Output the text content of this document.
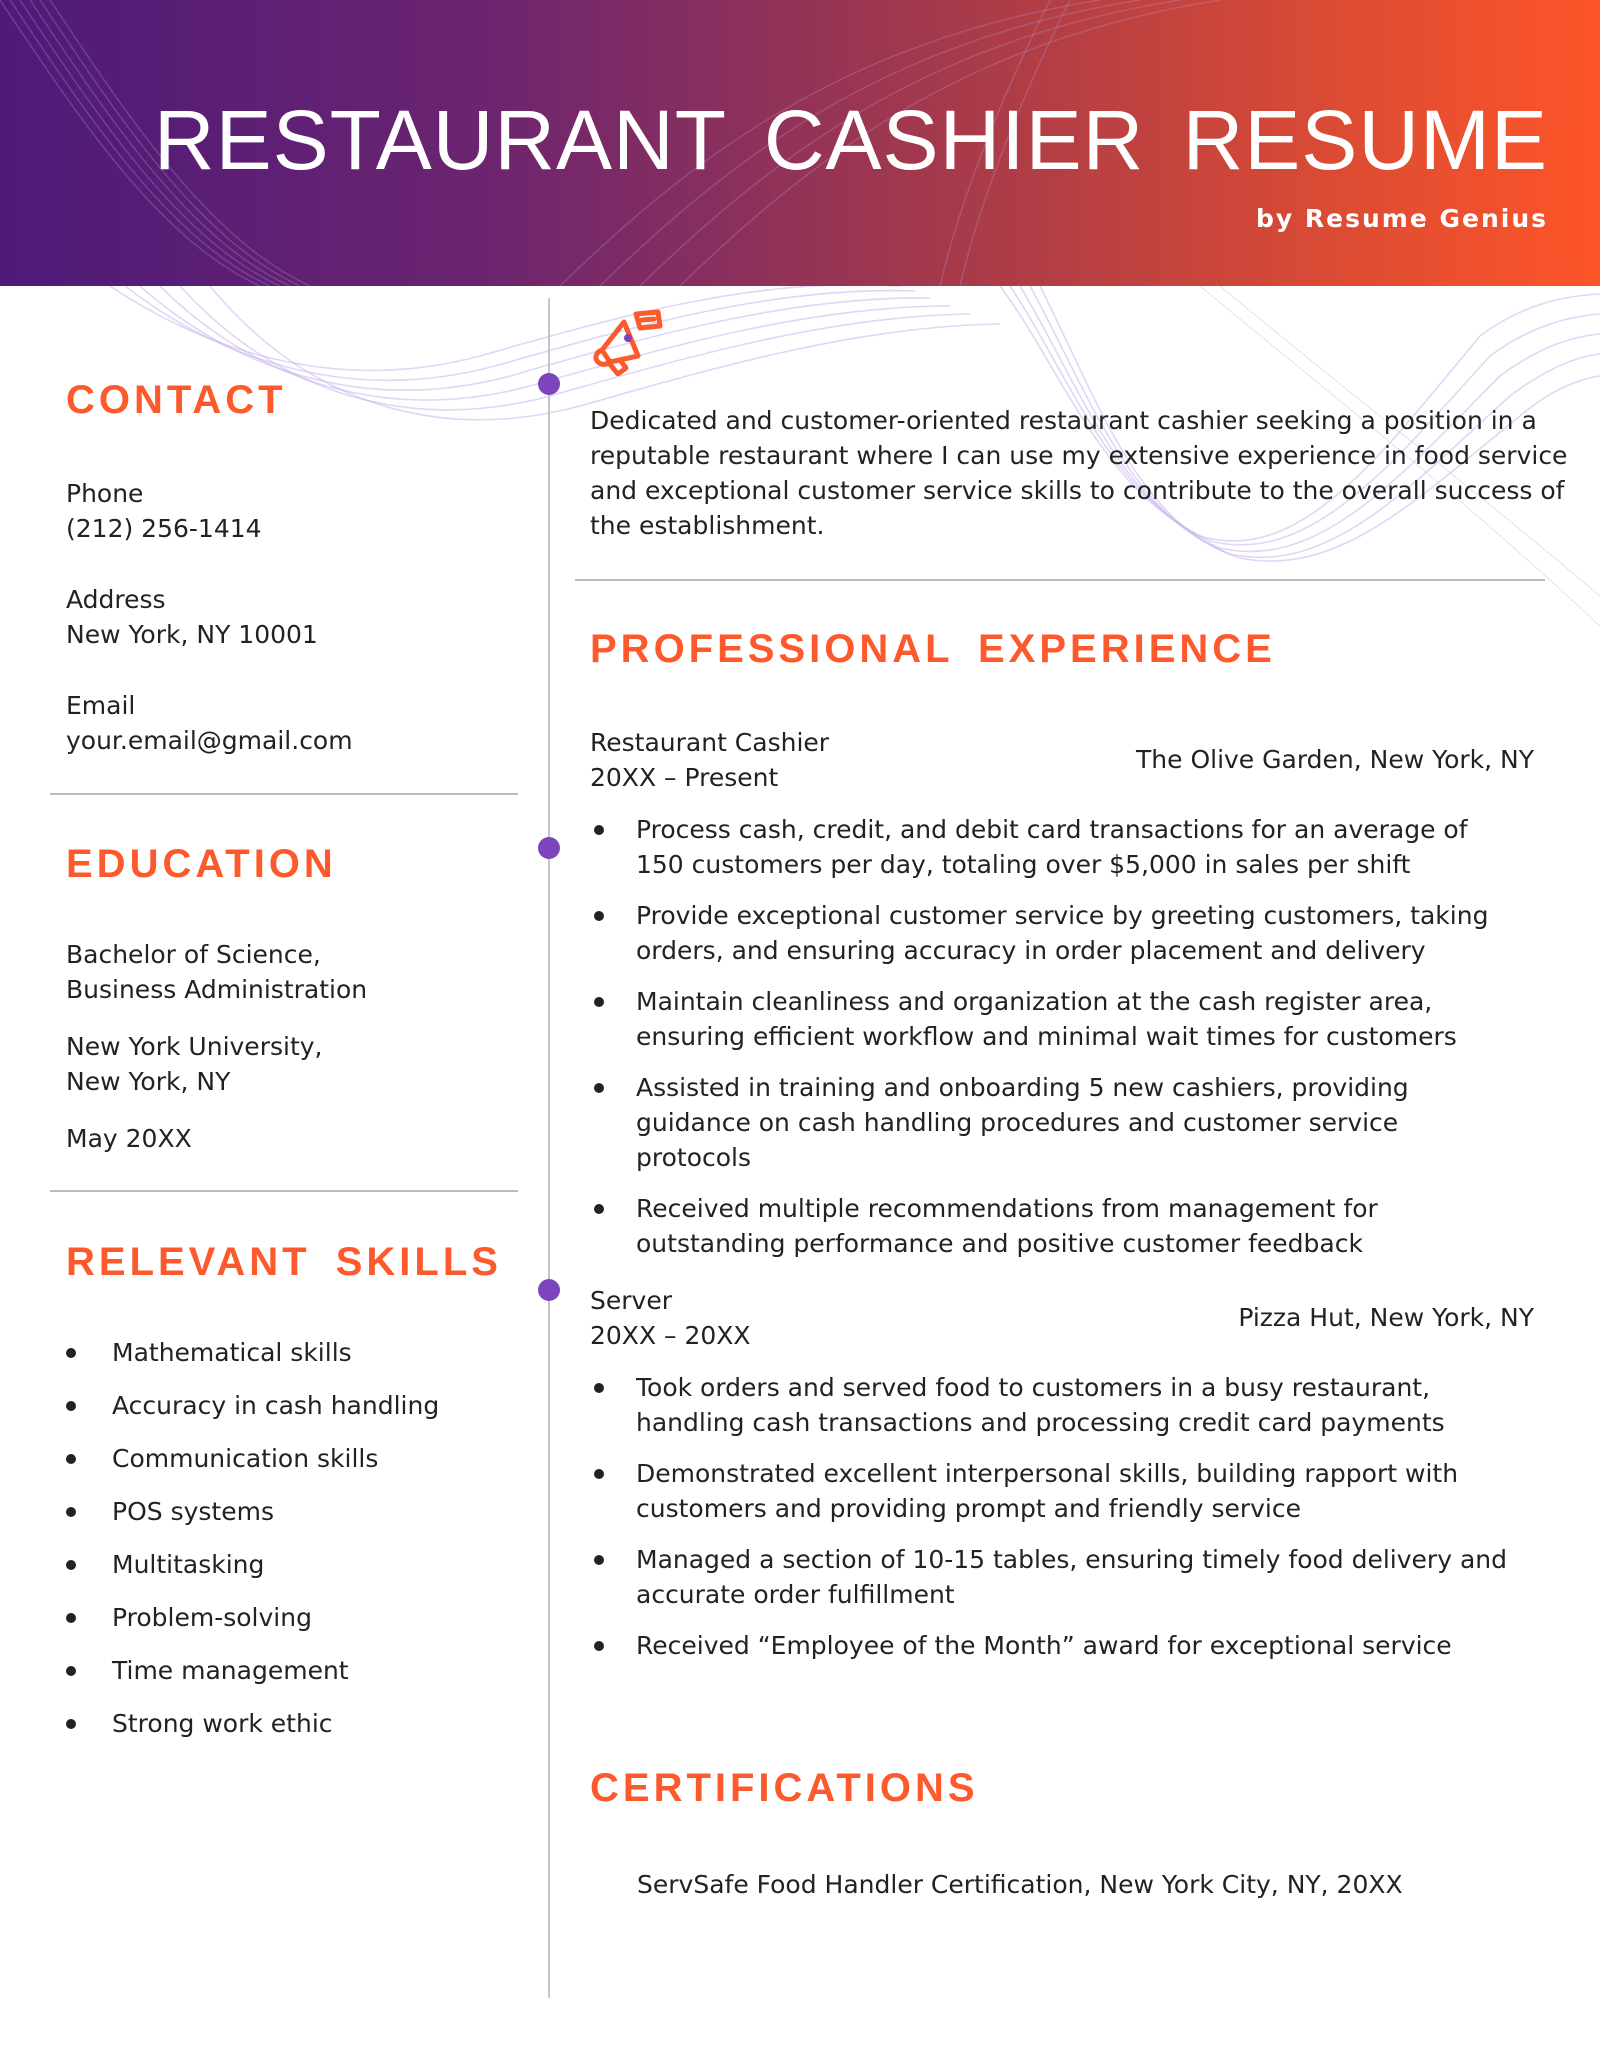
RESTAURANT CASHIER RESUME
by Resume Genius
CONTACT
Phone
(212) 256-1414
Address
New York, NY 10001
Email
your.email@gmail.com
EDUCATION
Bachelor of Science,
Business Administration
New York University,
New York, NY
May 20XX
RELEVANT SKILLS
Mathematical skills
Accuracy in cash handling
Communication skills
POS systems
Multitasking
Problem-solving
Time management
Strong work ethic
Dedicated and customer-oriented restaurant cashier seeking a position in a
reputable restaurant where I can use my extensive experience in food service
and exceptional customer service skills to contribute to the overall success of
the establishment.
PROFESSIONAL EXPERIENCE
Restaurant Cashier
20XX – Present
The Olive Garden, New York, NY
Process cash, credit, and debit card transactions for an average of 150 customers per day, totaling over $5,000 in sales per shift
Provide exceptional customer service by greeting customers, taking orders, and ensuring accuracy in order placement and delivery
Maintain cleanliness and organization at the cash register area, ensuring efficient workflow and minimal wait times for customers
Assisted in training and onboarding 5 new cashiers, providing guidance on cash handling procedures and customer service protocols
Received multiple recommendations from management for outstanding performance and positive customer feedback
Server
20XX – 20XX
Pizza Hut, New York, NY
Took orders and served food to customers in a busy restaurant, handling cash transactions and processing credit card payments
Demonstrated excellent interpersonal skills, building rapport with customers and providing prompt and friendly service
Managed a section of 10-15 tables, ensuring timely food delivery and accurate order fulfillment
Received “Employee of the Month” award for exceptional service
CERTIFICATIONS
ServSafe Food Handler Certification, New York City, NY, 20XX
